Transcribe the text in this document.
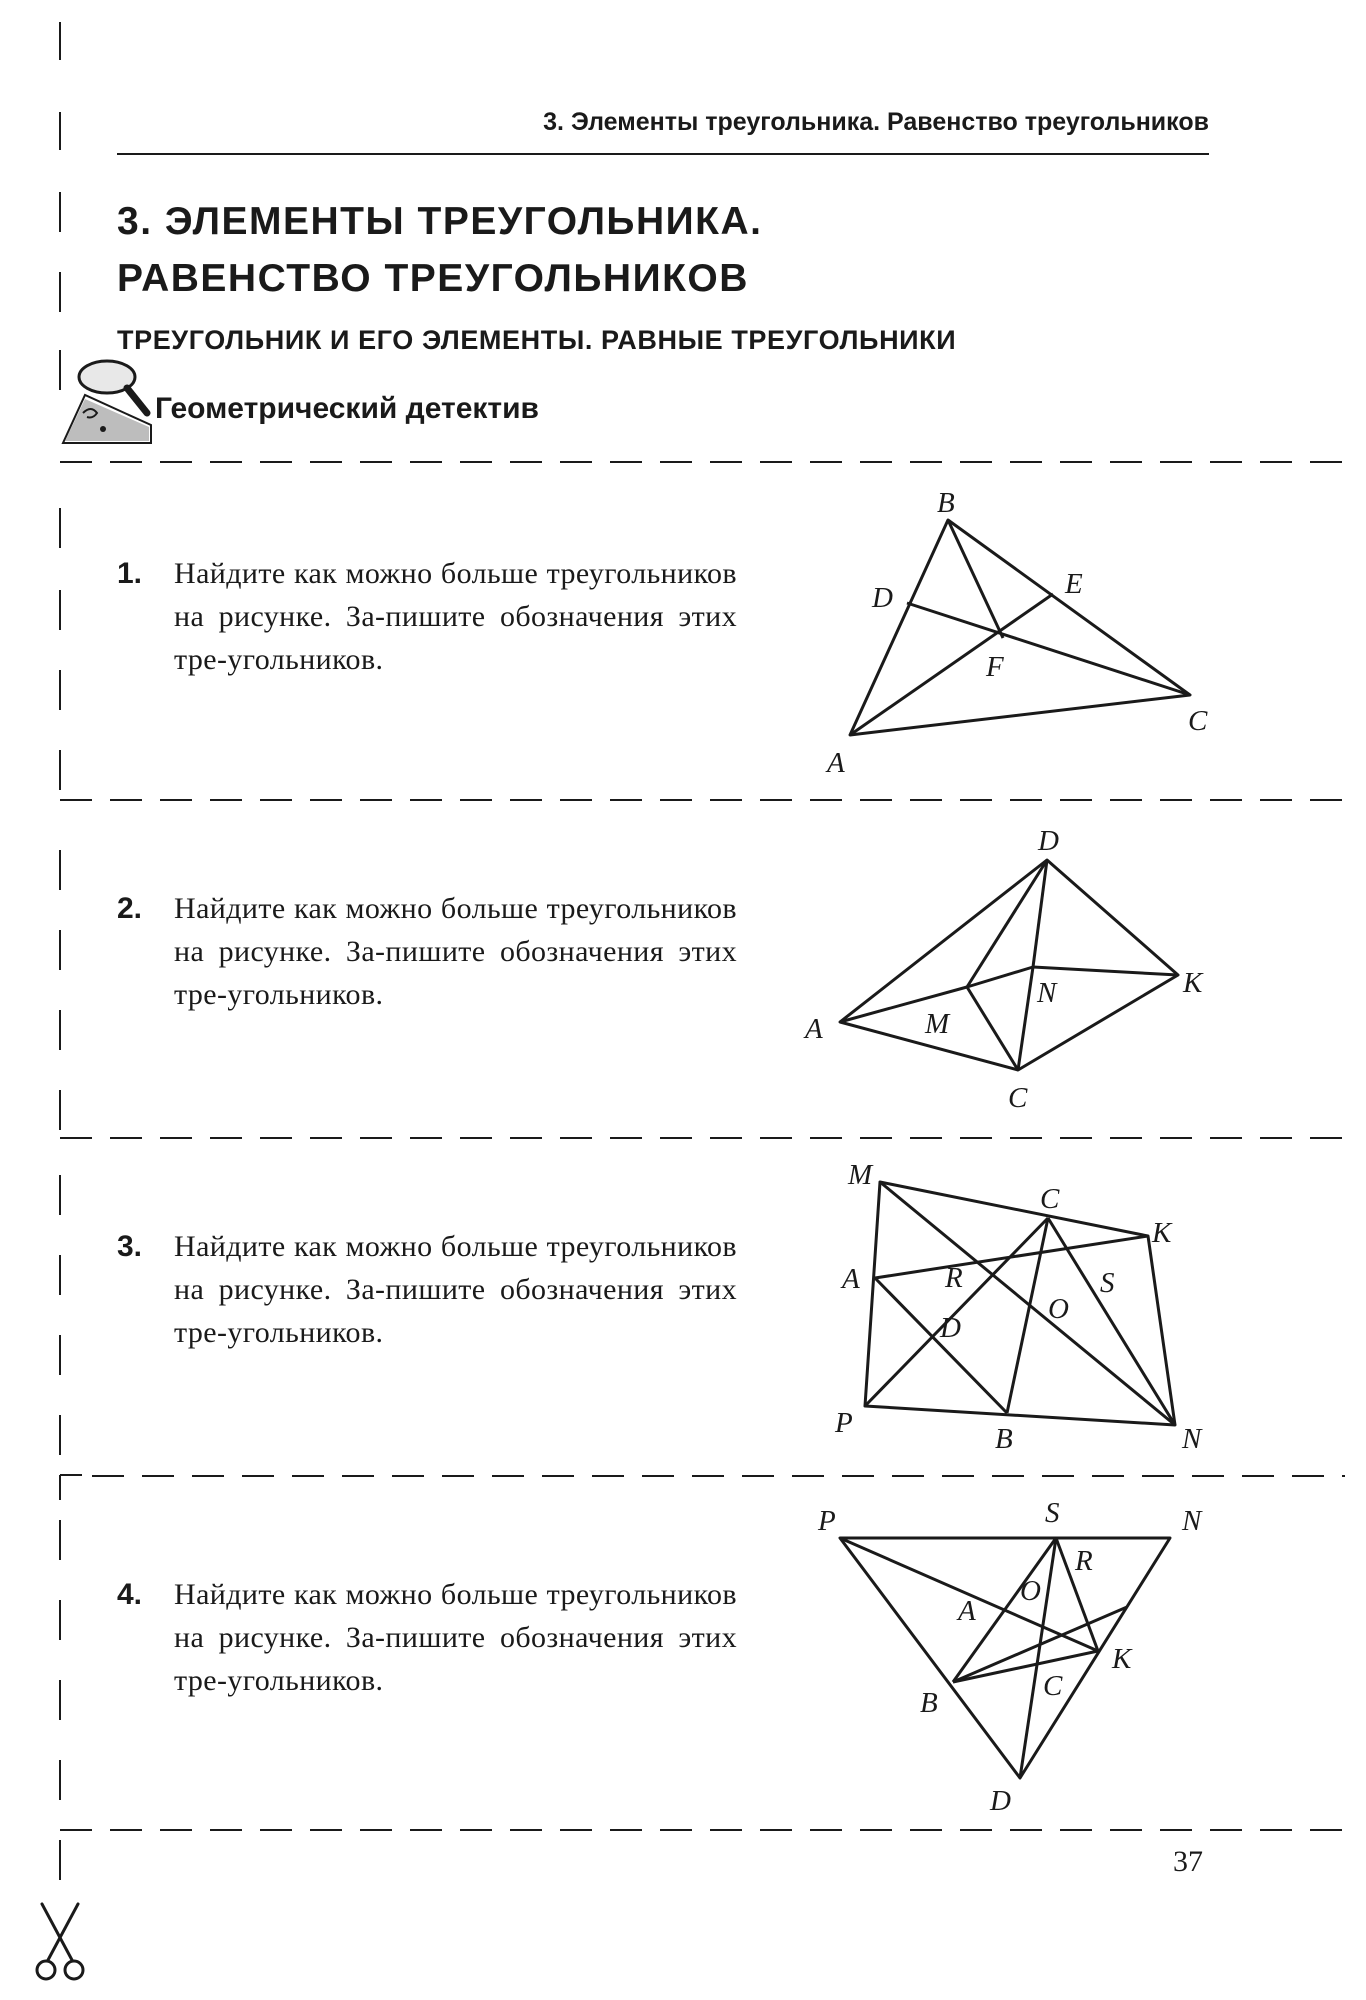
3. Элементы треугольника. Равенство треугольников
3. ЭЛЕМЕНТЫ ТРЕУГОЛЬНИКА.
РАВЕНСТВО ТРЕУГОЛЬНИКОВ
ТРЕУГОЛЬНИК И ЕГО ЭЛЕМЕНТЫ. РАВНЫЕ ТРЕУГОЛЬНИКИ
Геометрический детектив
1. Найдите как можно больше треугольников на рисунке. За-пишите обозначения этих тре-угольников.

B
D	E
F
C
A
2. Найдите как можно больше треугольников на рисунке. За-пишите обозначения этих тре-угольников.

D
K
N
A	M
C
3. Найдите как можно больше треугольников на рисунке. За-пишите обозначения этих тре-угольников.

M
C
K
A	R	S
O
D
P	B	N
4. Найдите как можно больше треугольников на рисунке. За-пишите обозначения этих тре-угольников.

P	S	N
R
A
O
K
C
B
D
37
